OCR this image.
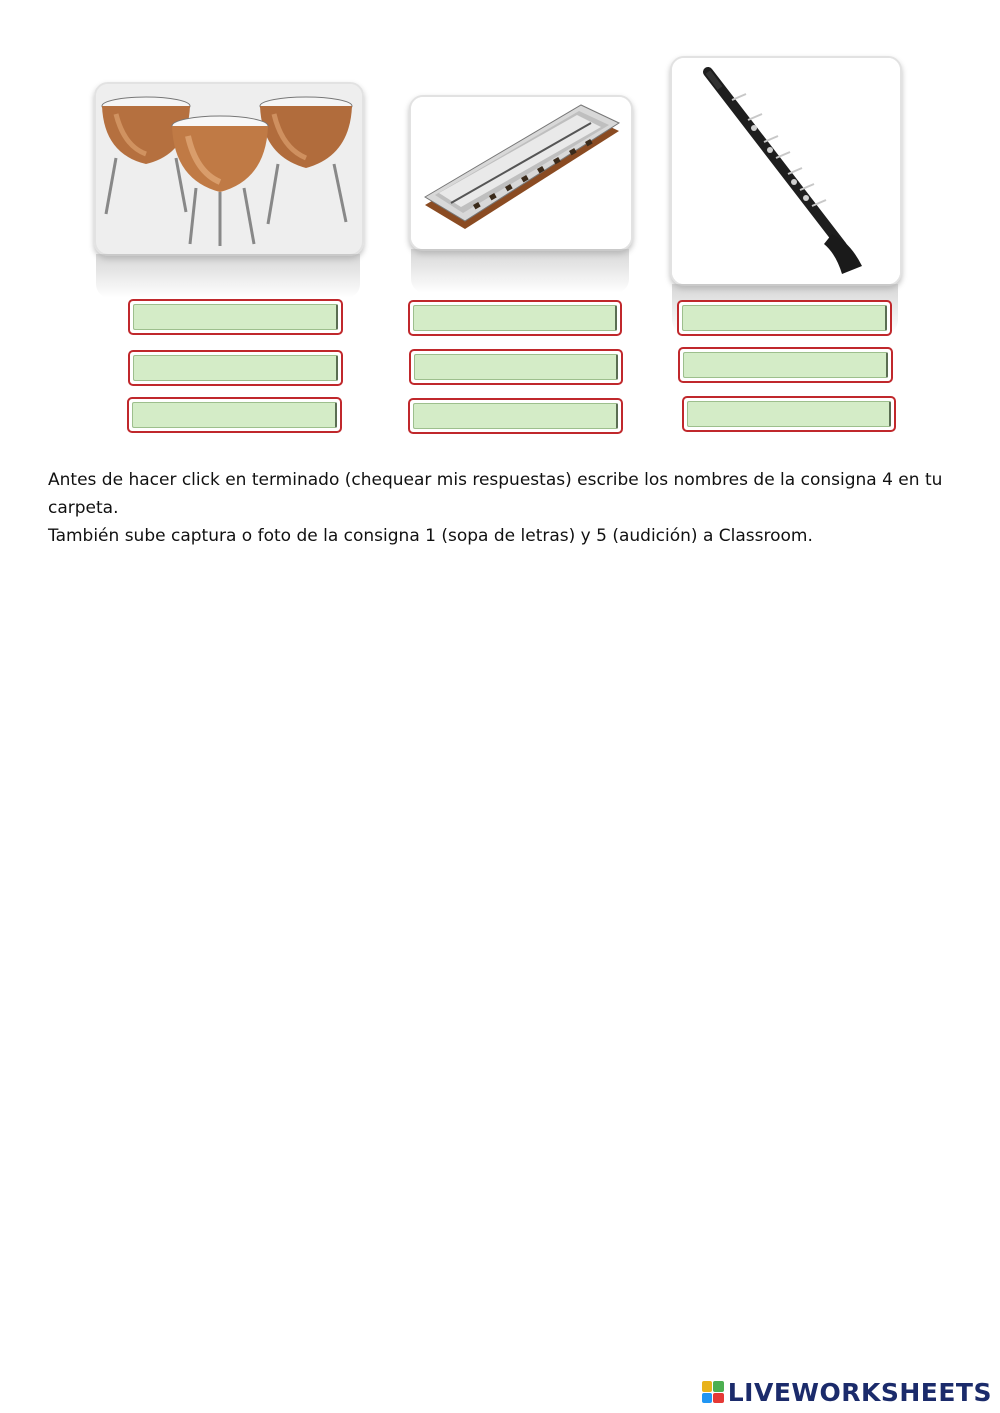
Antes de hacer click en terminado (chequear mis respuestas) escribe los nombres de la consigna 4 en tu carpeta.

También sube captura o foto de la consigna 1 (sopa de letras) y 5 (audición) a Classroom.

LIVEWORKSHEETS
